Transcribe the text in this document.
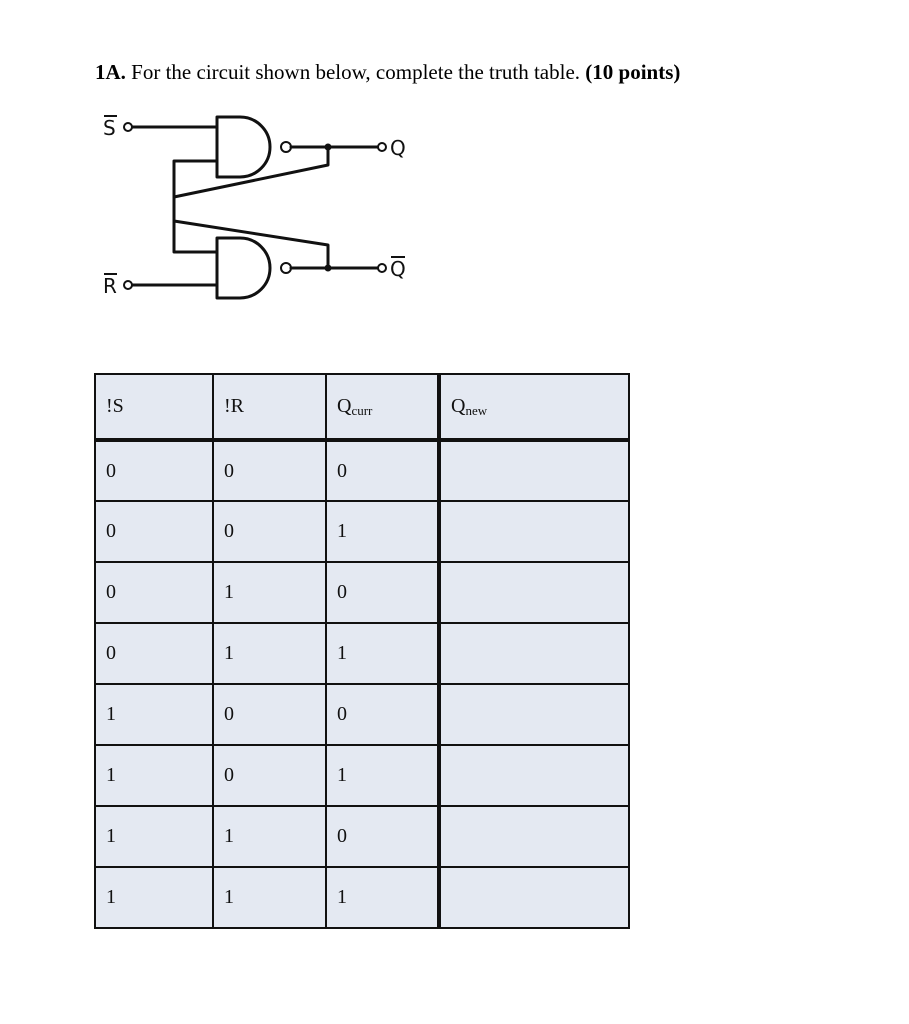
1A. For the circuit shown below, complete the truth table. (10 points)
S
R
Q
Q
!S	!R	$Q_{curr}$	$Q_{new}$
0	0	0	
0	0	1	
0	1	0	
0	1	1	
1	0	0	
1	0	1	
1	1	0	
1	1	1	
